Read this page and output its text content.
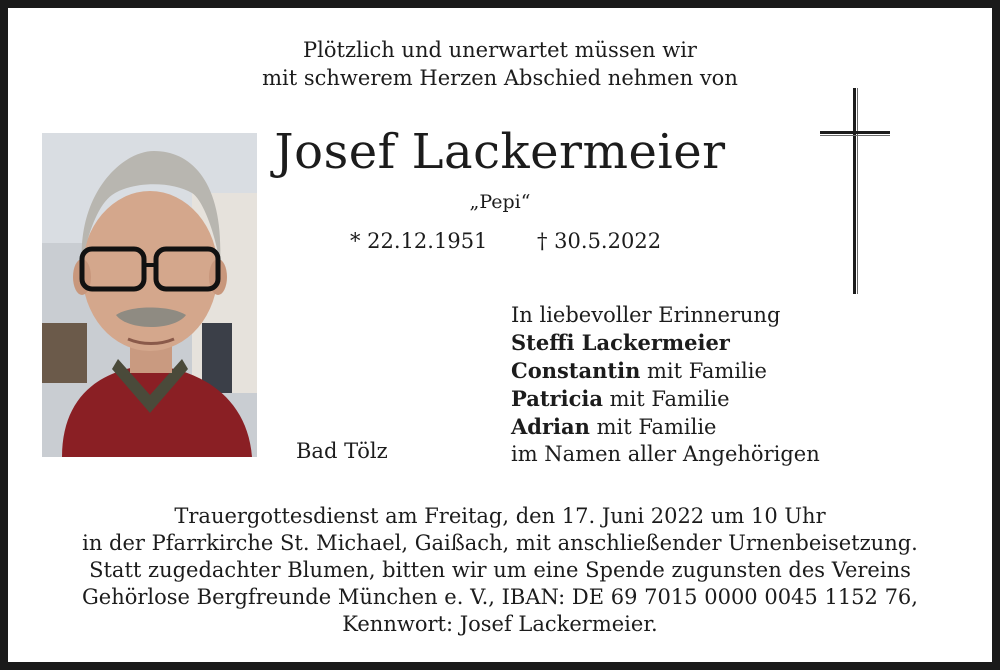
Plötzlich und unerwartet müssen wir
mit schwerem Herzen Abschied nehmen von
Josef Lackermeier
„Pepi“
* 22.12.1951 † 30.5.2022
In liebevoller Erinnerung
Steffi Lackermeier
Constantin mit Familie
Patricia mit Familie
Adrian mit Familie
im Namen aller Angehörigen
Bad Tölz
Trauergottesdienst am Freitag, den 17. Juni 2022 um 10 Uhr
in der Pfarrkirche St. Michael, Gaißach, mit anschließender Urnenbeisetzung.
Statt zugedachter Blumen, bitten wir um eine Spende zugunsten des Vereins
Gehörlose Bergfreunde München e. V., IBAN: DE 69 7015 0000 0045 1152 76,
Kennwort: Josef Lackermeier.
